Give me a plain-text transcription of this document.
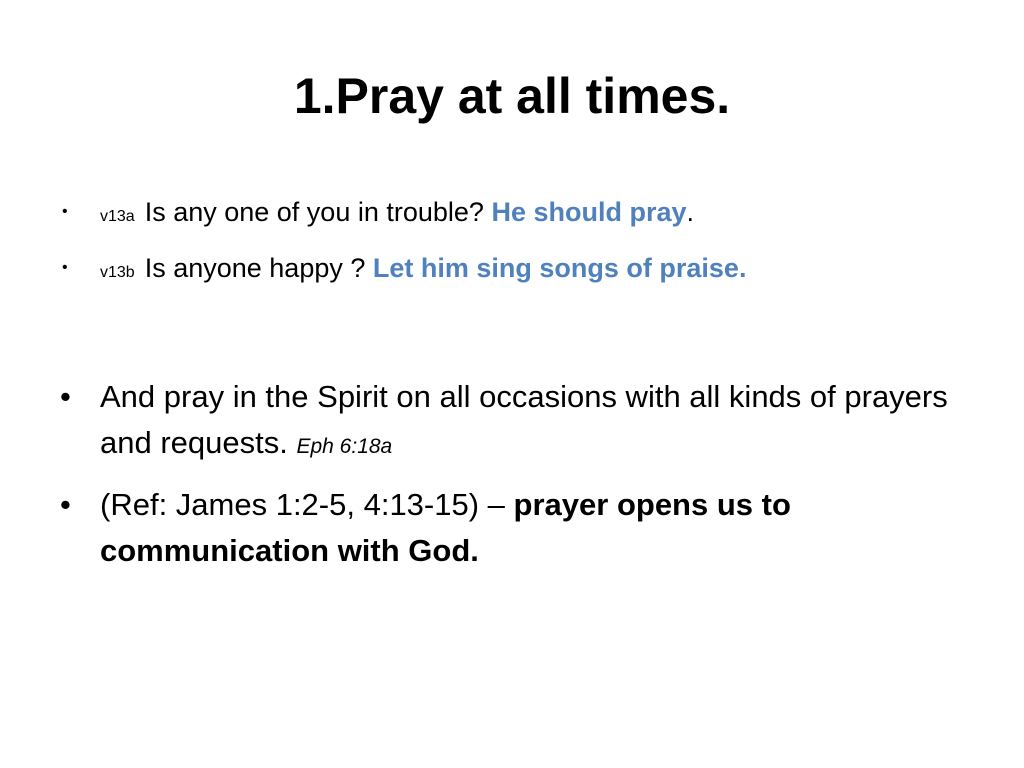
1.Pray at all times.
• v13a Is any one of you in trouble? He should pray.
• v13b Is anyone happy ? Let him sing songs of praise.
• And pray in the Spirit on all occasions with all kinds of prayers and requests. Eph 6:18a
• (Ref: James 1:2-5, 4:13-15) – prayer opens us to communication with God.
